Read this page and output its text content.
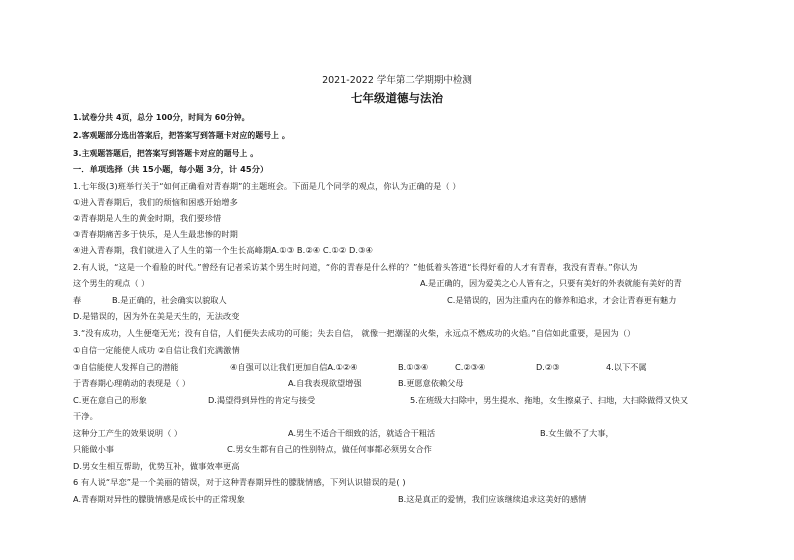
2021-2022 学年第二学期期中检测
七年级道德与法治
1.试卷分共 4页，总分 100分，时间为 60分钟。
2.客观题部分选出答案后，把答案写到答题卡对应的题号上 。
3.主观题答题后，把答案写到答题卡对应的题号上 。
一．单项选择（共 15小题，每小题 3分，计 45分）
1.七年级(3)班举行关于“如何正确看对青春期”的主题班会。下面是几个同学的观点，你认为正确的是（ ）
①进入青春期后，我们的烦恼和困惑开始增多
②青春期是人生的黄金时期，我们要珍惜
③青春期痛苦多于快乐，是人生最悲惨的时期
④进入青春期，我们就进入了人生的第一个生长高峰期A.①③ B.②④ C.①② D.③④
2.有人说，“这是一个看脸的时代。”曾经有记者采访某个男生时问道，“你的青春是什么样的？”他低着头答道“长得好看的人才有青春，我没有青春。”你认为
这个男生的观点（ ）	A.是正确的，因为爱美之心人皆有之，只要有美好的外表就能有美好的青
春	B.是正确的，社会确实以貌取人	C.是错误的，因为注重内在的修养和追求，才会让青春更有魅力
D.是错误的，因为外在美是天生的，无法改变
3.“没有成功，人生便毫无光；没有自信，人们便失去成功的可能；失去自信， 就像一把潮湿的火柴，永远点不燃成功的火焰。”自信如此重要，是因为（）
①自信一定能使人成功 ②自信让我们充满激情
③自信能使人发挥自己的潜能	④自强可以让我们更加自信A.①②④	B.①③④	C.②③④	D.②③	4.以下不属
于青春期心理萌动的表现是（ ）	A.自我表现欲望增强	B.更愿意依赖父母
C.更在意自己的形象	D.渴望得到异性的肯定与接受	5.在班级大扫除中，男生提水、拖地，女生擦桌子、扫地，大扫除做得又快又
干净。
这种分工产生的效果说明（ ）	A.男生不适合干细致的活，就适合干粗活	B.女生做不了大事，
只能做小事	C.男女生都有自己的性别特点，做任何事都必须男女合作
D.男女生相互帮助，优势互补，做事效率更高
6 有人说“早恋”是一个美丽的错误，对于这种青春期异性的朦胧情感，下列认识错误的是( )
A.青春期对异性的朦胧情感是成长中的正常现象	B.这是真正的爱情，我们应该继续追求这美好的感情
